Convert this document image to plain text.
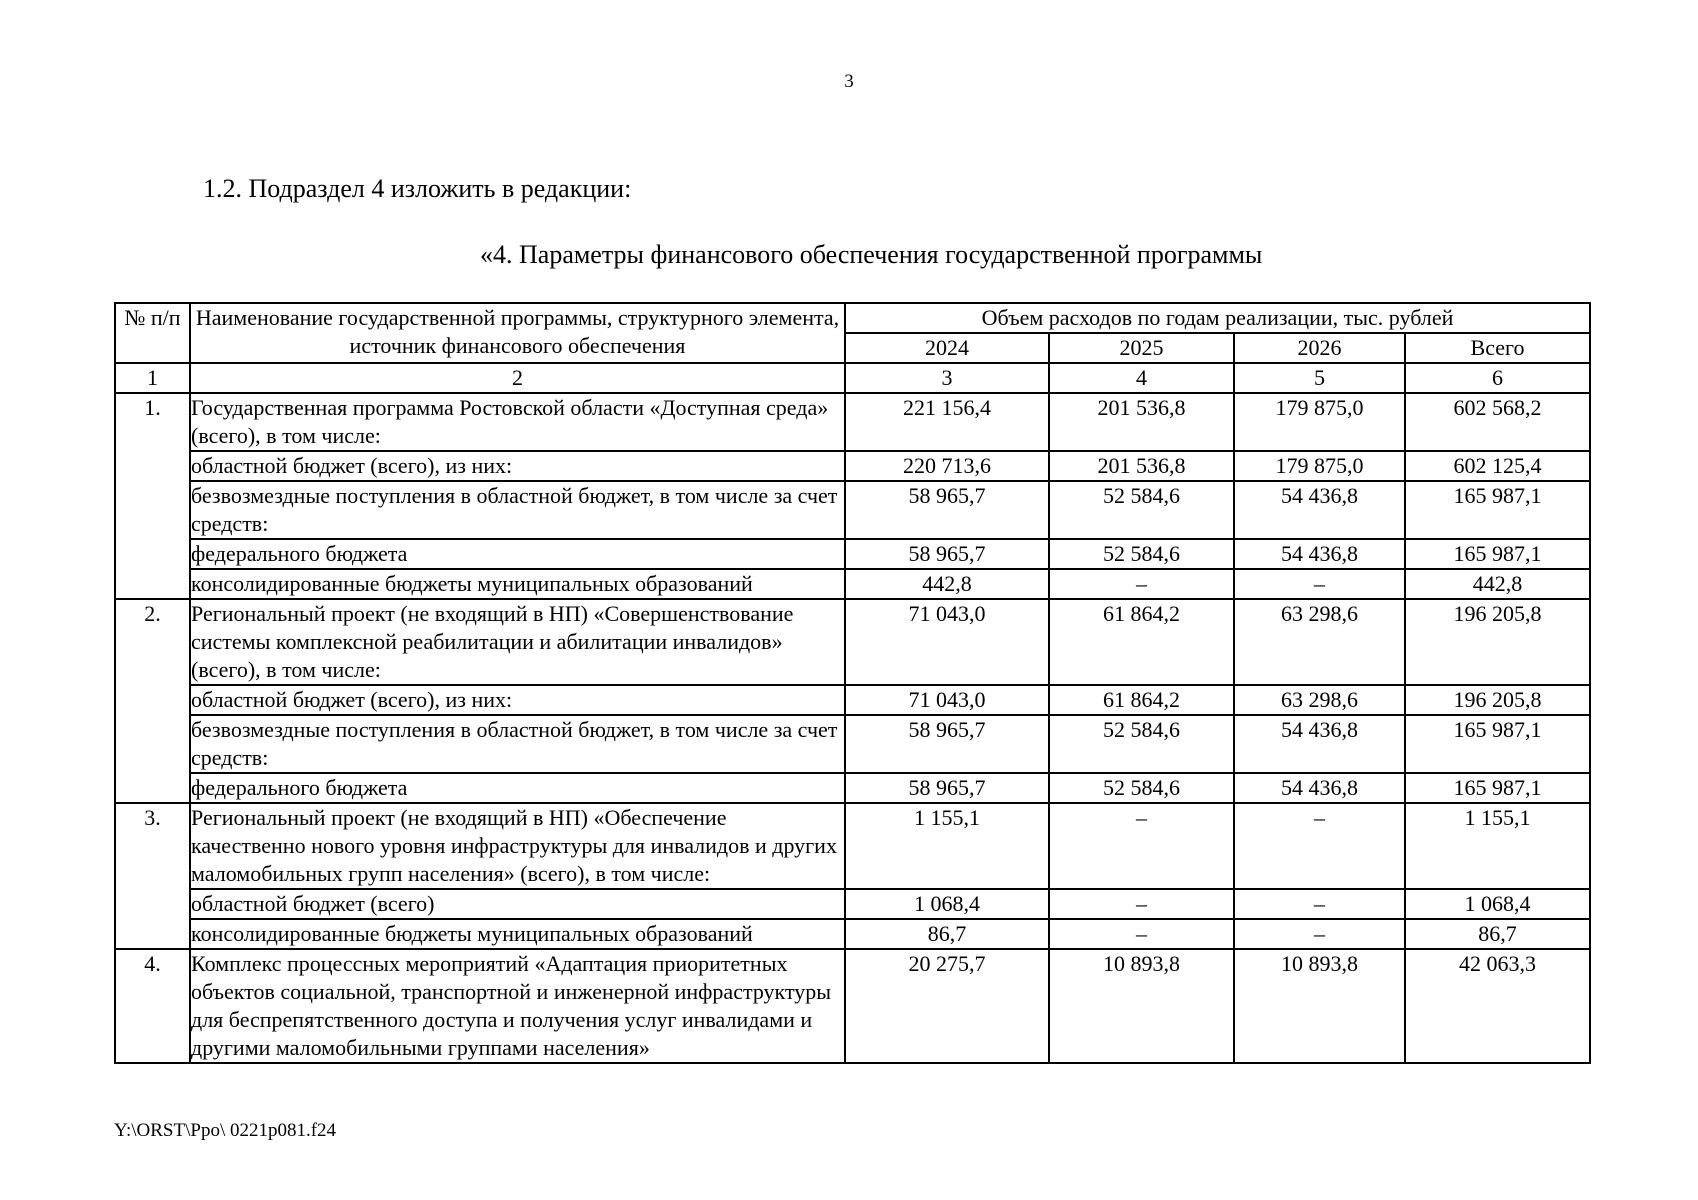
3
1.2. Подраздел 4 изложить в редакции:
«4. Параметры финансового обеспечения государственной программы
№ п/п	Наименование государственной программы, структурного элемента, источник финансового обеспечения	Объем расходов по годам реализации, тыс. рублей			
		2024	2025	2026	Всего
1	2	3	4	5	6
1.	Государственная программа Ростовской области «Доступная среда» (всего), в том числе:	221 156,4	201 536,8	179 875,0	602 568,2
	областной бюджет (всего), из них:	220 713,6	201 536,8	179 875,0	602 125,4
	безвозмездные поступления в областной бюджет, в том числе за счет средств:	58 965,7	52 584,6	54 436,8	165 987,1
	федерального бюджета	58 965,7	52 584,6	54 436,8	165 987,1
	консолидированные бюджеты муниципальных образований	442,8	–	–	442,8
2.	Региональный проект (не входящий в НП) «Совершенствование системы комплексной реабилитации и абилитации инвалидов» (всего), в том числе:	71 043,0	61 864,2	63 298,6	196 205,8
	областной бюджет (всего), из них:	71 043,0	61 864,2	63 298,6	196 205,8
	безвозмездные поступления в областной бюджет, в том числе за счет средств:	58 965,7	52 584,6	54 436,8	165 987,1
	федерального бюджета	58 965,7	52 584,6	54 436,8	165 987,1
3.	Региональный проект (не входящий в НП) «Обеспечение качественно нового уровня инфраструктуры для инвалидов и других маломобильных групп населения» (всего), в том числе:	1 155,1	–	–	1 155,1
	областной бюджет (всего)	1 068,4	–	–	1 068,4
	консолидированные бюджеты муниципальных образований	86,7	–	–	86,7
4.	Комплекс процессных мероприятий «Адаптация приоритетных объектов социальной, транспортной и инженерной инфраструктуры для беспрепятственного доступа и получения услуг инвалидами и другими маломобильными группами населения»	20 275,7	10 893,8	10 893,8	42 063,3
Y:\ORST\Ppo\ 0221p081.f24
